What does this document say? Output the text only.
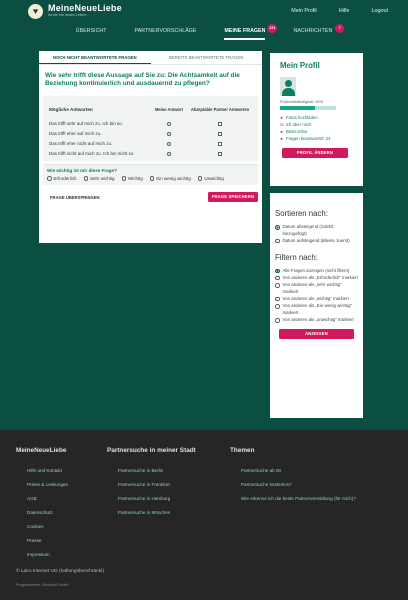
♥	MeineNeueLiebe
Ist wie ein neues Leben...
Mein Profil	Hilfe	Logout
ÜBERSICHT	PARTNERVORSCHLÄGE	MEINE FRAGEN	151	NACHRICHTEN	7
NOCH NICHT BEANTWORTETE FRAGEN	BEREITS BEANTWORTETE FRAGEN
Wie sehr trifft diese Aussage auf Sie zu: Die Achtsamkeit auf die Beziehung kontinuierlich und ausdauernd zu pflegen?
Mögliche Antworten	Meine Antwort	Akzeptable Partner Antworten
Das trifft sehr auf mich zu. Ich bin so.
Das trifft eher auf mich zu.
Das trifft eher nicht auf mich zu.
Das trifft nicht auf mich zu. Ich bin nicht so.
Wie wichtig ist mir diese Frage?
Erforderlich	Sehr wichtig	Wichtig	Ein wenig wichtig	Unwichtig
FRAGE ÜBERSPRINGEN	FRAGE SPEICHERN
Mein Profil
Profilvollständigkeit: 62%
► Fotos hochladen
☒ Ich über mich
► Basis-Infos
► Fragen beantwortet: 24
PROFIL ÄNDERN
Sortieren nach:
Datum absteigend (zuletzt hinzugefügt)
Datum aufsteigend (älteste zuerst)
Filtern nach:
Alle Fragen anzeigen (nicht filtern)
Von anderen als „Erforderlich“ markiert
Von anderen als „sehr wichtig“ markiert
Von anderen als „wichtig“ markiert
Von anderen als „Ein wenig wichtig“ markiert
Von anderen als „unwichtig“ markiert
ANZEIGEN
MeineNeueLiebe
Hilfe und Kontakt
Preise & Leistungen
AGB
Datenschutz
Cookies
Presse
Impressum
Partnersuche in meiner Stadt
Partnersuche in Berlin
Partnersuche in Frankfurt
Partnersuche in Hamburg
Partnersuche in München
Themen
Partnersuche ab 50
Partnersuche kostenlos?
Wie erkenne ich die beste Partnervermittlung (für mich)?
© Lairo Internet UG (haftungsbeschränkt)
Programmierer: Smekhuff GmbH
